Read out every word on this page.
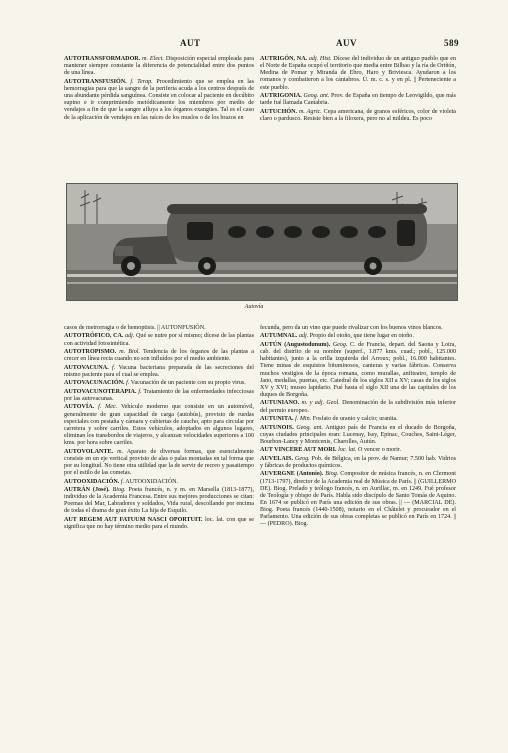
AUT	AUV	589

AUTOTRANSFORMADOR. m. Elect. Disposición especial empleada para mantener siempre constante la diferencia de potencialidad entre dos puntos de una línea.

AUTOTRANSFUSIÓN. f. Terap. Procedimiento que se emplea en las hemorragias para que la sangre de la periferia acuda a los centros después de una abundante pérdida sanguínea. Consiste en colocar al paciente en decúbito supino e ir comprimiendo metódicamente los miembros por medio de vendajes a fin de que la sangre afluya a los órganos exangües. Tal es el caso de la aplicación de vendajes en las raíces de los muslos o de los brazos en

AUTRIGÓN, NA. adj. Hist. Dícese del individuo de un antiguo pueblo que en el Norte de España ocupó el territorio que media entre Bilbao y la ría de Oriñón, Medina de Pomar y Miranda de Ebro, Haro y Briviesca. Ayudaron a los romanos y combatieron a los cántabros. Ú. m. c. s. y en pl. || Perteneciente a este pueblo.

AUTRIGONIA. Geog. ant. Prov. de España en tiempo de Leovigildo, que más tarde fué llamada Cantabria.

AUTUCHÓN. m. Agric. Cepa americana, de granos esféricos, color de violeta claro o pardusco. Resiste bien a la filoxera, pero no al mildeu. Es poco

Autovía

casos de metrorragia o de hemoptisis. || AUTONFUSIÓN.

AUTOTRÓFICO, CA. adj. Qué se nutre por sí mismo; dícese de las plantas con actividad fotosintética.

AUTOTROPISMO. m. Biol. Tendencia de los órganos de las plantas a crecer en línea recta cuando no son influídos por el medio ambiente.

AUTOVACUNA. f. Vacuna bacteriana preparada de las secreciones del mismo paciente para el cual se emplea.

AUTOVACUNACIÓN. f. Vacunación de un paciente con su propio virus.

AUTOVACUNOTERAPIA. f. Tratamiento de las enfermedades infecciosas por las autovacunas.

AUTOVÍA. f. Mec. Vehículo moderno que consiste en un automóvil, generalmente de gran capacidad de carga (autobús), provisto de ruedas especiales con pestaña y cámara y cubiertas de caucho, apto para circular por carretera y sobre carriles. Estos vehículos, adoptados en algunos lugares, eliminan los transbordos de viajeros, y alcanzan velocidades superiores a 100 kms. por hora sobre carriles.

AUTOVOLANTE. m. Aparato de diversas formas, que esencialmente consiste en un eje vertical provisto de alas o palas montadas en tal forma que por su longitud. No tiene otra utilidad que la de servir de recreo y pasatiempo por el estilo de las cometas.

AUTOOXIDACIÓN. f. AUTOOXIDACIÓN.

AUTRÁN (José). Biog. Poeta francés, n. y m. en Marsella (1813-1877), individuo de la Academia Francesa. Entre sus mejores producciones se citan: Poemas del Mar, Labradores y soldados, Vida rural, descollando por encima de todas el drama de gran éxito La hija de Esquilo.

AUT REGEM AUT FATUUM NASCI OPORTUIT. loc. lat. con que se significa que no hay término medio para el mundo.

fecunda, pero da un vino que puede rivalizar con los buenos vinos blancos.

AUTUMNAL. adj. Propio del otoño, que tiene lugar en otoño.

AUTÚN (Augustodunum). Geog. C. de Francia, depart. del Saona y Loira, cab. del distrito de su nombre (superf., 1.877 kms. cuad.; pobl., 125.000 habitantes), junto a la orilla izquierda del Arroux; pobl., 16.000 habitantes. Tiene minas de esquistos bituminosos, canteras y varias fábricas. Conserva muchos vestigios de la época romana, como murallas, anfiteatro, templo de Jano, medallas, puertas, etc. Catedral de los siglos XII a XV; casas de los siglos XV y XVI; museo lapidario. Fué hasta el siglo XII una de las capitales de los duques de Borgoña.

AUTUNIANO. m. y adj. Geol. Denominación de la subdivisión más inferior del permio europeo.

AUTUNITA. f. Min. Fosfato de uranio y calcio; uranita.

AUTUNOIS. Geog. ant. Antiguo país de Francia en el ducado de Borgoña, cuyas ciudades principales eran: Lucenay, Issy, Epinac, Couches, Saint-Léger, Bourbon-Lancy y Montcenis, Charolles, Autún.

AUT VINCERE AUT MORI. loc. lat. O vencer o morir.

AUVELAIS. Geog. Pob. de Bélgica, en la prov. de Namur; 7.500 hab. Vidrios y fábricas de productos químicos.

AUVERGNE (Antonio). Biog. Compositor de música francés, n. en Clermont (1713-1797), director de la Academia real de Música de París. || (GUILLERMO DE). Biog. Prelado y teólogo francés, n. en Aurillac, m. en 1249. Fué profesor de Teología y obispo de París. Habla sido discípulo de Santo Tomás de Aquino. En 1674 se publicó en París una edición de sus obras. || — (MARCIAL DE). Biog. Poeta francés (1440-1508), notario en el Châtelet y procurador en el Parlamento. Una edición de sus obras completas se publicó en París en 1724. || — (PEDRO). Biog.
